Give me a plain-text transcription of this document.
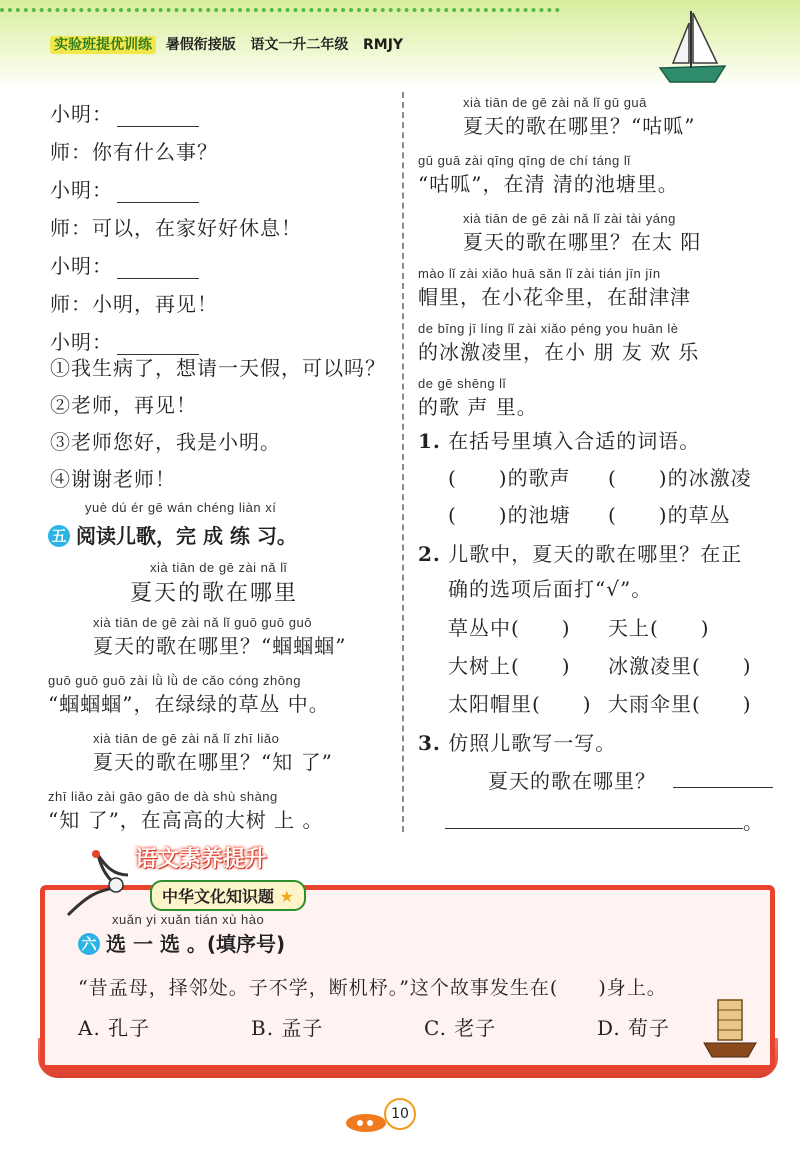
实验班提优训练 暑假衔接版 语文一升二年级 RMJY
小明：
师：你有什么事？
小明：
师：可以，在家好好休息！
小明：
师：小明，再见！
小明：
①我生病了，想请一天假，可以吗？
②老师，再见！
③老师您好，我是小明。
④谢谢老师！
yuè dú ér gē wán chéng liàn xí
五 阅读儿歌，完 成 练 习。
xià tiān de gē zài nǎ lǐ
夏天的歌在哪里
xià tiān de gē zài nǎ lǐ guō guō guō
夏天的歌在哪里？“蝈蝈蝈”
guō guō guō zài lǜ lǜ de cǎo cóng zhōng
“蝈蝈蝈”，在绿绿的草丛 中。
xià tiān de gē zài nǎ lǐ zhī liǎo
夏天的歌在哪里？“知 了”
zhī liǎo zài gāo gāo de dà shù shàng
“知 了”，在高高的大树 上 。
xià tiān de gē zài nǎ lǐ gū guā
夏天的歌在哪里？“咕呱”
gū guā zài qīng qīng de chí táng lǐ
“咕呱”，在清 清的池塘里。
xià tiān de gē zài nǎ lǐ zài tài yáng
夏天的歌在哪里？在太 阳
mào lǐ zài xiǎo huā sǎn lǐ zài tián jīn jīn
帽里，在小花伞里，在甜津津
de bīng jī líng lǐ zài xiǎo péng you huān lè
的冰激凌里，在小 朋 友 欢 乐
de gē shēng lǐ
的歌 声 里。
1. 在括号里填入合适的词语。
(　　)的歌声 (　　)的冰激凌
(　　)的池塘 (　　)的草丛
2. 儿歌中，夏天的歌在哪里？在正
确的选项后面打“√”。
草丛中(　　) 天上(　　)
大树上(　　) 冰激凌里(　　)
太阳帽里(　　) 大雨伞里(　　)
3. 仿照儿歌写一写。
夏天的歌在哪里？
。
语文素养提升
中华文化知识题 ★
xuǎn yi xuǎn tián xù hào
六 选 一 选 。(填序号)
“昔孟母，择邻处。子不学，断机杼。”这个故事发生在(　　)身上。
A. 孔子	B. 孟子	C. 老子	D. 荀子
10
